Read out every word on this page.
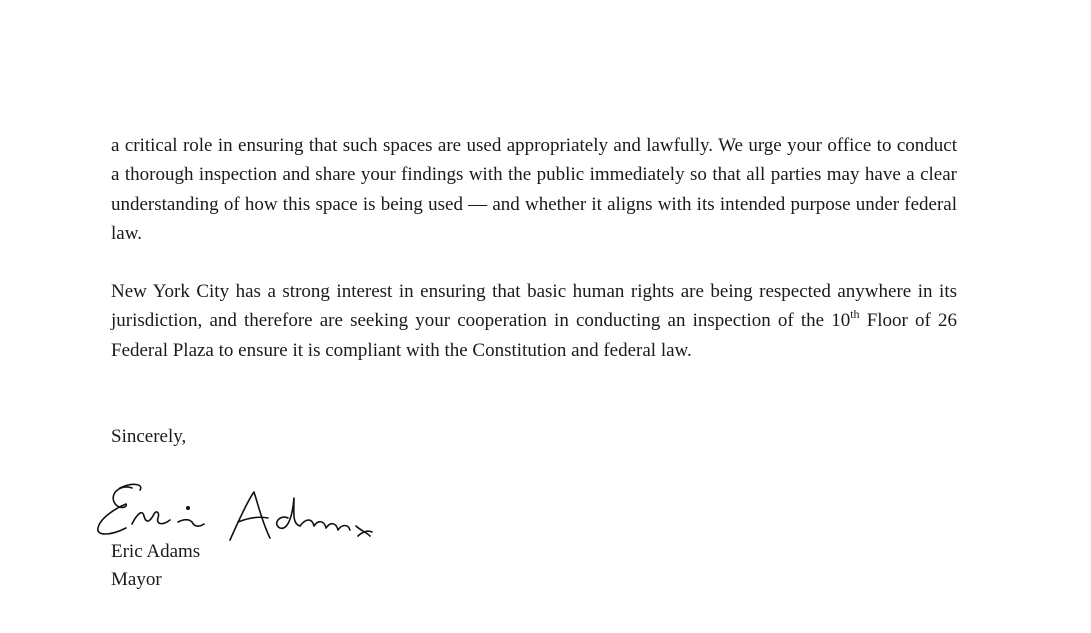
a critical role in ensuring that such spaces are used appropriately and lawfully. We urge your office to conduct a thorough inspection and share your findings with the public immediately so that all parties may have a clear understanding of how this space is being used — and whether it aligns with its intended purpose under federal law.

New York City has a strong interest in ensuring that basic human rights are being respected anywhere in its jurisdiction, and therefore are seeking your cooperation in conducting an inspection of the 10th Floor of 26 Federal Plaza to ensure it is compliant with the Constitution and federal law.

Sincerely,

Eric Adams
Mayor
